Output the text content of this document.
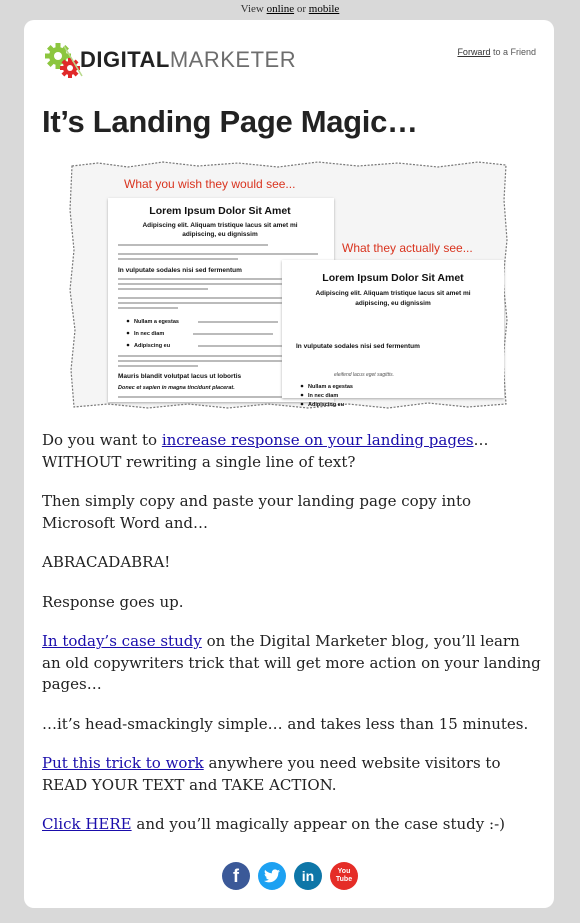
View online or mobile
DIGITALMARKETER	Forward to a Friend
It’s Landing Page Magic…
What you wish they would see...
Lorem Ipsum Dolor Sit Amet
Adipiscing elit. Aliquam tristique lacus sit amet mi
adipiscing, eu dignissim
In vulputate sodales nisi sed fermentum
Nullam a egestas
In nec diam
Adipiscing eu
Mauris blandit volutpat lacus ut lobortis
Donec et sapien in magna tincidunt placerat.
What they actually see...
Lorem Ipsum Dolor Sit Amet
Adipiscing elit. Aliquam tristique lacus sit amet mi
adipiscing, eu dignissim
In vulputate sodales nisi sed fermentum
eleifend lacus eget sagittis.
Nullam a egestas
In nec diam
Adipiscing eu

Do you want to increase response on your landing pages… WITHOUT rewriting a single line of text?

Then simply copy and paste your landing page copy into Microsoft Word and…

ABRACADABRA!

Response goes up.

In today’s case study on the Digital Marketer blog, you’ll learn an old copywriters trick that will get more action on your landing pages…

…it’s head-smackingly simple… and takes less than 15 minutes.

Put this trick to work anywhere you need website visitors to READ YOUR TEXT and TAKE ACTION.

Click HERE and you’ll magically appear on the case study :-)

f	in	You
Tube
